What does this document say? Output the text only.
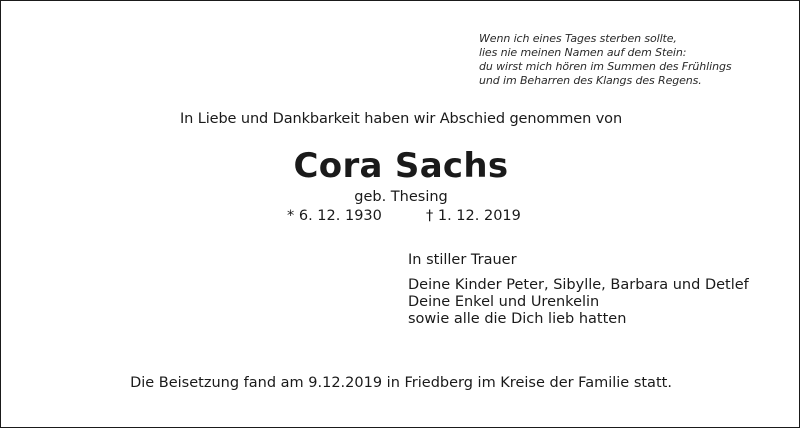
Wenn ich eines Tages sterben sollte,
lies nie meinen Namen auf dem Stein:
du wirst mich hören im Summen des Frühlings
und im Beharren des Klangs des Regens.
In Liebe und Dankbarkeit haben wir Abschied genommen von
Cora Sachs
geb. Thesing
* 6. 12. 1930	† 1. 12. 2019
In stiller Trauer
Deine Kinder Peter, Sibylle, Barbara und Detlef
Deine Enkel und Urenkelin
sowie alle die Dich lieb hatten
Die Beisetzung fand am 9.12.2019 in Friedberg im Kreise der Familie statt.
